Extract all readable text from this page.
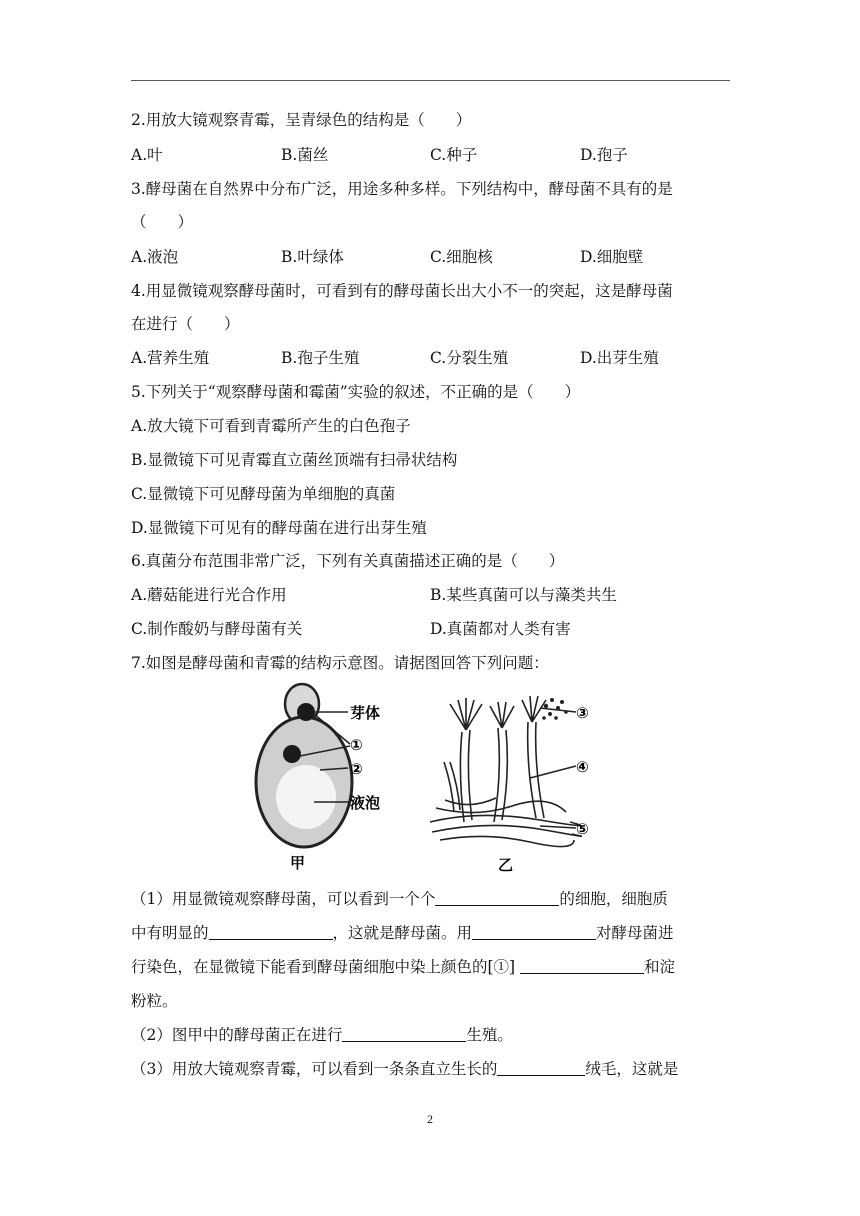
2.用放大镜观察青霉，呈青绿色的结构是（　　）
A.叶	B.菌丝	C.种子	D.孢子
3.酵母菌在自然界中分布广泛，用途多种多样。下列结构中，酵母菌不具有的是
（　　）
A.液泡	B.叶绿体	C.细胞核	D.细胞壁
4.用显微镜观察酵母菌时，可看到有的酵母菌长出大小不一的突起，这是酵母菌
在进行（　　）
A.营养生殖	B.孢子生殖	C.分裂生殖	D.出芽生殖
5.下列关于“观察酵母菌和霉菌”实验的叙述，不正确的是（　　）
A.放大镜下可看到青霉所产生的白色孢子
B.显微镜下可见青霉直立菌丝顶端有扫帚状结构
C.显微镜下可见酵母菌为单细胞的真菌
D.显微镜下可见有的酵母菌在进行出芽生殖
6.真菌分布范围非常广泛，下列有关真菌描述正确的是（　　）
A.蘑菇能进行光合作用	B.某些真菌可以与藻类共生
C.制作酸奶与酵母菌有关	D.真菌都对人类有害
7.如图是酵母菌和青霉的结构示意图。请据图回答下列问题：
芽体
①
②
液泡
甲
③
④
⑤
乙
（1）用显微镜观察酵母菌，可以看到一个个	的细胞，细胞质
中有明显的	，这就是酵母菌。用	对酵母菌进
行染色，在显微镜下能看到酵母菌细胞中染上颜色的[①]	和淀
粉粒。
（2）图甲中的酵母菌正在进行	生殖。
（3）用放大镜观察青霉，可以看到一条条直立生长的	绒毛，这就是
2
